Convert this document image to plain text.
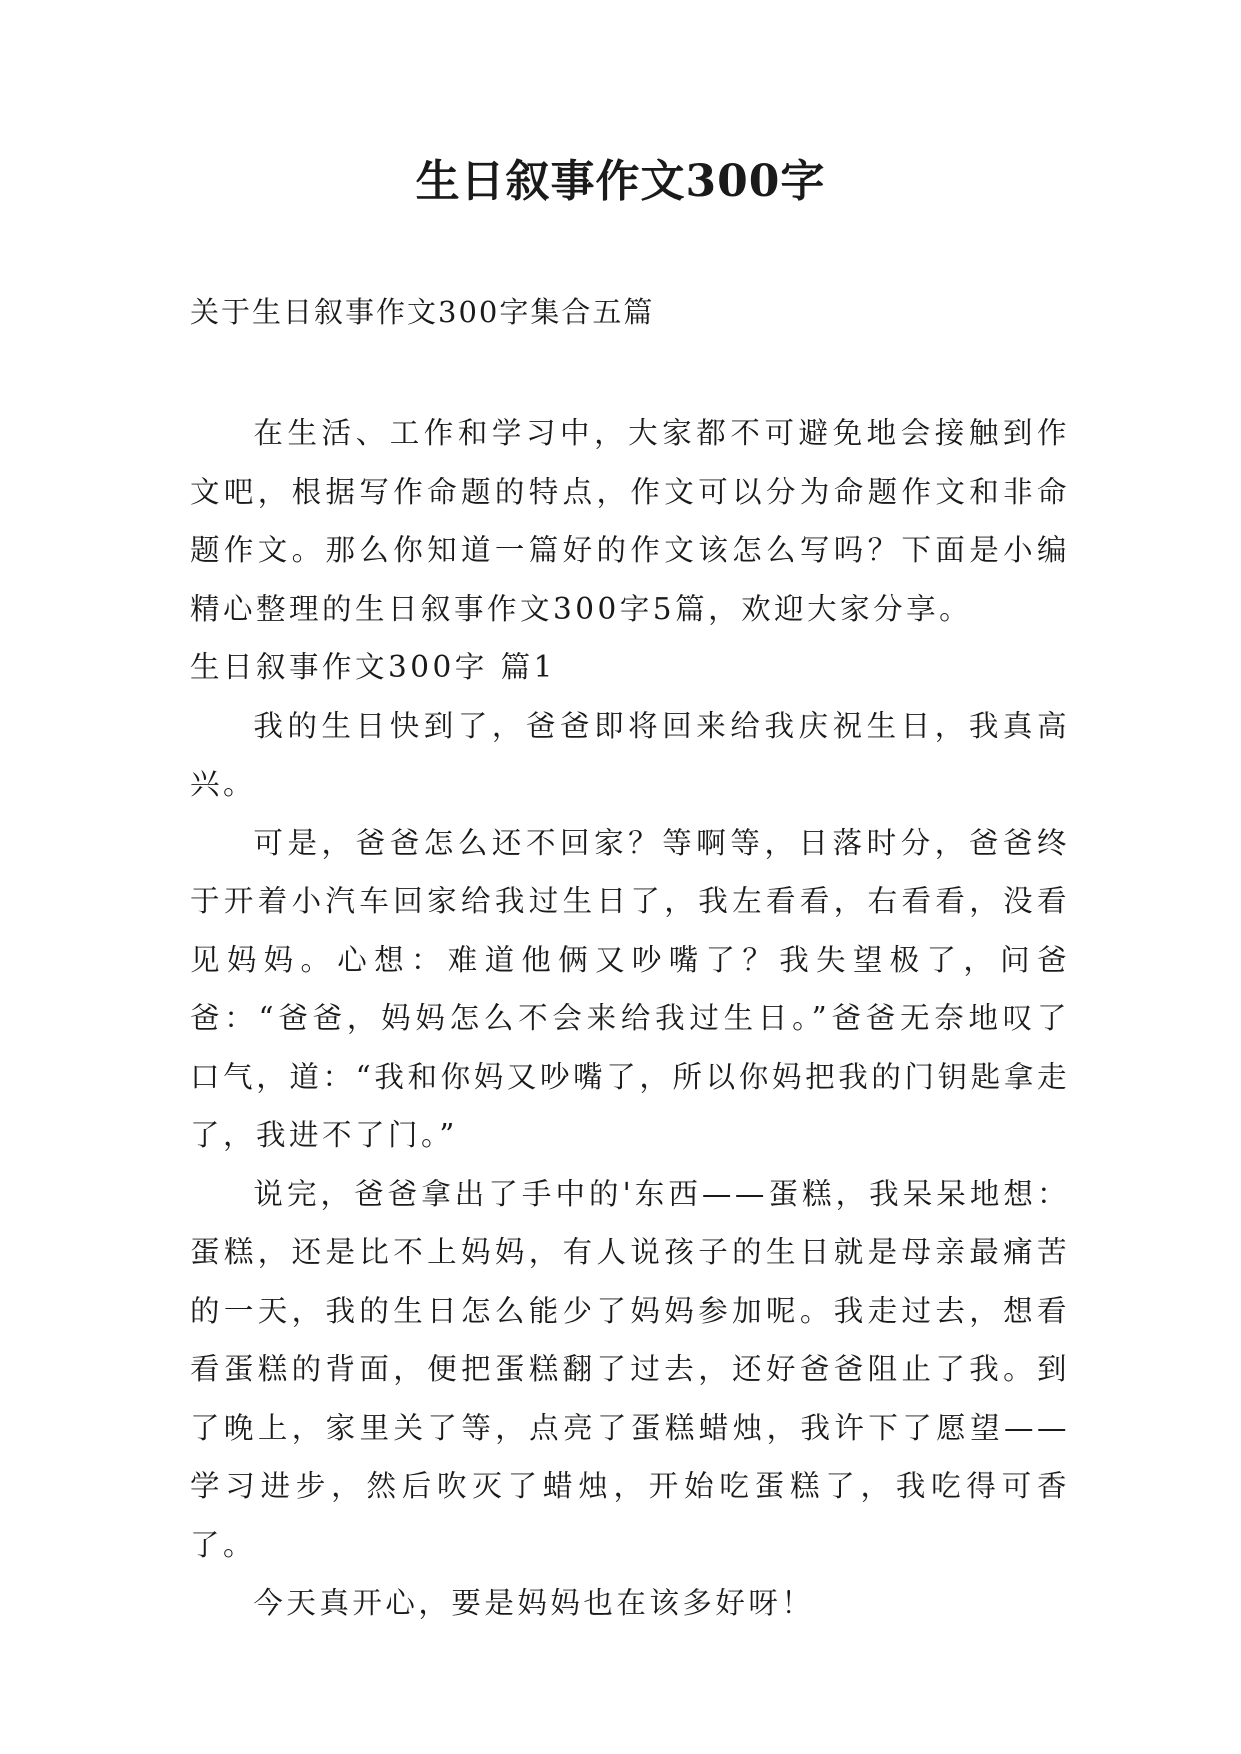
生日叙事作文300字
关于生日叙事作文300字集合五篇

在生活、工作和学习中，大家都不可避免地会接触到作文吧，根据写作命题的特点，作文可以分为命题作文和非命题作文。那么你知道一篇好的作文该怎么写吗？下面是小编精心整理的生日叙事作文300字5篇，欢迎大家分享。

生日叙事作文300字 篇1

我的生日快到了，爸爸即将回来给我庆祝生日，我真高兴。

可是，爸爸怎么还不回家？等啊等，日落时分，爸爸终于开着小汽车回家给我过生日了，我左看看，右看看，没看见妈妈。心想：难道他俩又吵嘴了？我失望极了，问爸爸：“爸爸，妈妈怎么不会来给我过生日。”爸爸无奈地叹了口气，道：“我和你妈又吵嘴了，所以你妈把我的门钥匙拿走了，我进不了门。”

说完，爸爸拿出了手中的'东西——蛋糕，我呆呆地想：蛋糕，还是比不上妈妈，有人说孩子的生日就是母亲最痛苦的一天，我的生日怎么能少了妈妈参加呢。我走过去，想看看蛋糕的背面，便把蛋糕翻了过去，还好爸爸阻止了我。到了晚上，家里关了等，点亮了蛋糕蜡烛，我许下了愿望——学习进步，然后吹灭了蜡烛，开始吃蛋糕了，我吃得可香了。

今天真开心，要是妈妈也在该多好呀！
